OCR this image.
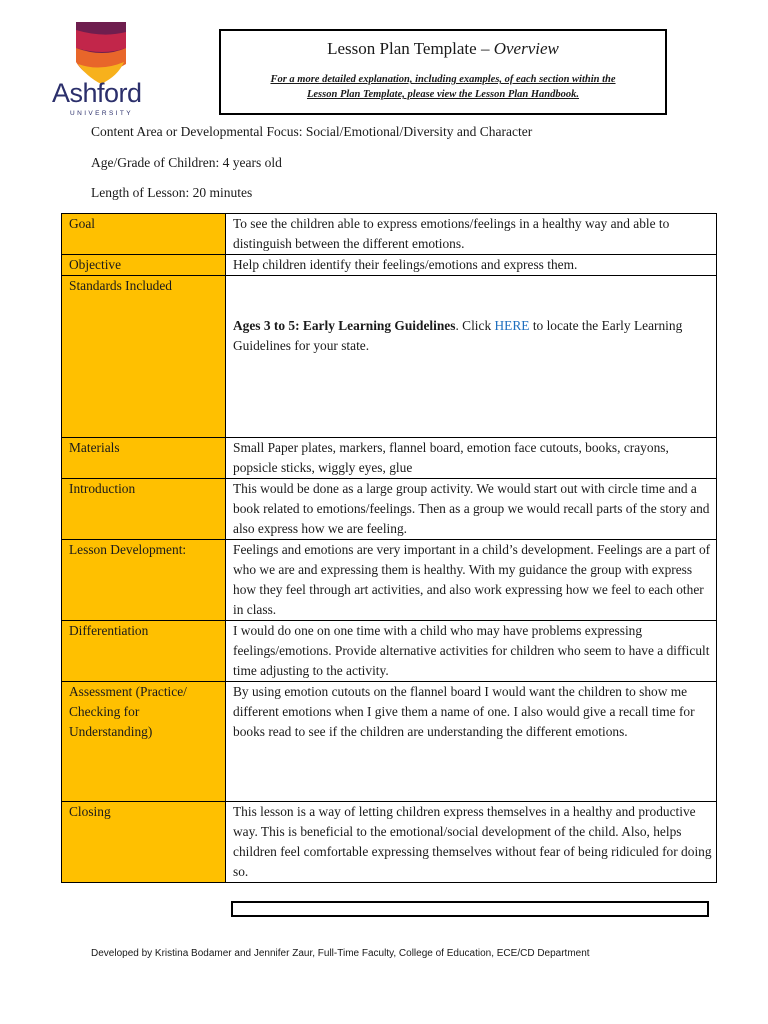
Ashford
UNIVERSITY
Lesson Plan Template – Overview
For a more detailed explanation, including examples, of each section within the
Lesson Plan Template, please view the Lesson Plan Handbook.
Content Area or Developmental Focus: Social/Emotional/Diversity and Character
Age/Grade of Children: 4 years old
Length of Lesson: 20 minutes
Goal	To see the children able to express emotions/feelings in a healthy way and able to distinguish between the different emotions.
Objective	Help children identify their feelings/emotions and express them.
Standards Included	Ages 3 to 5: Early Learning Guidelines. Click HERE to locate the Early Learning Guidelines for your state.
Materials	Small Paper plates, markers, flannel board, emotion face cutouts, books, crayons, popsicle sticks, wiggly eyes, glue
Introduction	This would be done as a large group activity. We would start out with circle time and a book related to emotions/feelings. Then as a group we would recall parts of the story and also express how we are feeling.
Lesson Development:	Feelings and emotions are very important in a child’s development. Feelings are a part of who we are and expressing them is healthy. With my guidance the group with express how they feel through art activities, and also work expressing how we feel to each other in class.
Differentiation	I would do one on one time with a child who may have problems expressing feelings/emotions. Provide alternative activities for children who seem to have a difficult time adjusting to the activity.
Assessment (Practice/ Checking for Understanding)	By using emotion cutouts on the flannel board I would want the children to show me different emotions when I give them a name of one. I also would give a recall time for books read to see if the children are understanding the different emotions.
Closing	This lesson is a way of letting children express themselves in a healthy and productive way. This is beneficial to the emotional/social development of the child. Also, helps children feel comfortable expressing themselves without fear of being ridiculed for doing so.
Developed by Kristina Bodamer and Jennifer Zaur, Full-Time Faculty, College of Education, ECE/CD Department
